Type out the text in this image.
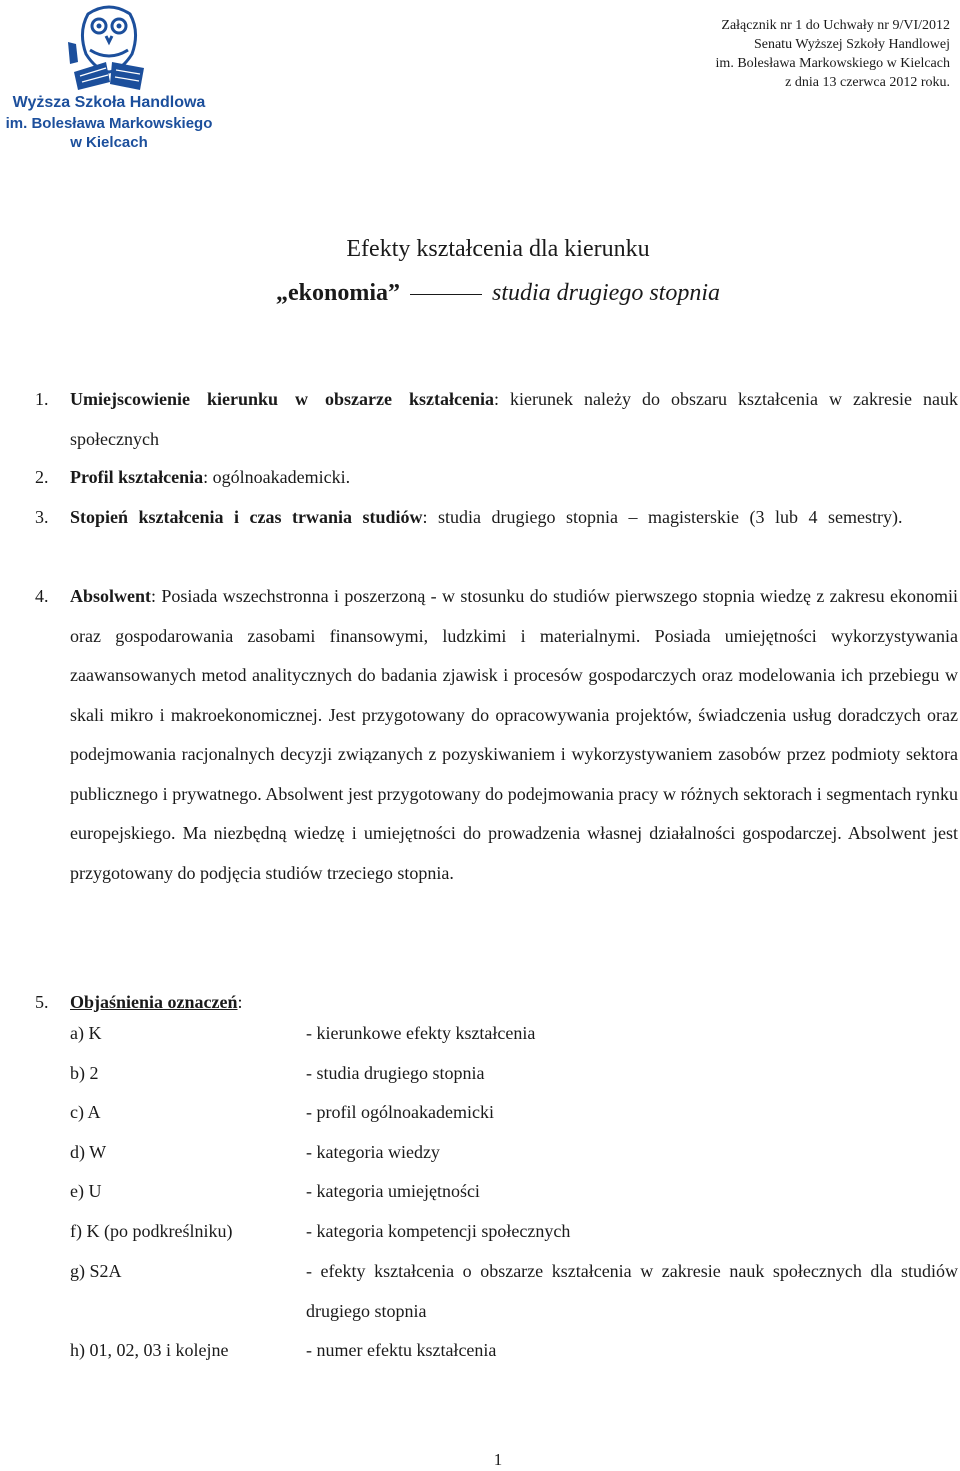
Wyższa Szkoła Handlowa
im. Bolesława Markowskiego
w Kielcach
Załącznik nr 1 do Uchwały nr 9/VI/2012
Senatu Wyższej Szkoły Handlowej
im. Bolesława Markowskiego w Kielcach
z dnia 13 czerwca 2012 roku.
Efekty kształcenia dla kierunku
„ekonomia”	studia drugiego stopnia
1. Umiejscowienie kierunku w obszarze kształcenia: kierunek należy do obszaru kształcenia w zakresie nauk społecznych
2. Profil kształcenia: ogólnoakademicki.
3. Stopień kształcenia i czas trwania studiów: studia drugiego stopnia – magisterskie (3 lub 4 semestry).
4. Absolwent: Posiada wszechstronna i poszerzoną - w stosunku do studiów pierwszego stopnia wiedzę z zakresu ekonomii oraz gospodarowania zasobami finansowymi, ludzkimi i materialnymi. Posiada umiejętności wykorzystywania zaawansowanych metod analitycznych do badania zjawisk i procesów gospodarczych oraz modelowania ich przebiegu w skali mikro i makroekonomicznej. Jest przygotowany do opracowywania projektów, świadczenia usług doradczych oraz podejmowania racjonalnych decyzji związanych z pozyskiwaniem i wykorzystywaniem zasobów przez podmioty sektora publicznego i prywatnego. Absolwent jest przygotowany do podejmowania pracy w różnych sektorach i segmentach rynku europejskiego. Ma niezbędną wiedzę i umiejętności do prowadzenia własnej działalności gospodarczej. Absolwent jest przygotowany do podjęcia studiów trzeciego stopnia.
5. Objaśnienia oznaczeń:
a) K	- kierunkowe efekty kształcenia
b) 2	- studia drugiego stopnia
c) A	- profil ogólnoakademicki
d) W	- kategoria wiedzy
e) U	- kategoria umiejętności
f) K (po podkreślniku)	- kategoria kompetencji społecznych
g) S2A	- efekty kształcenia o obszarze kształcenia w zakresie nauk społecznych dla studiów drugiego stopnia
h) 01, 02, 03 i kolejne	- numer efektu kształcenia
1
